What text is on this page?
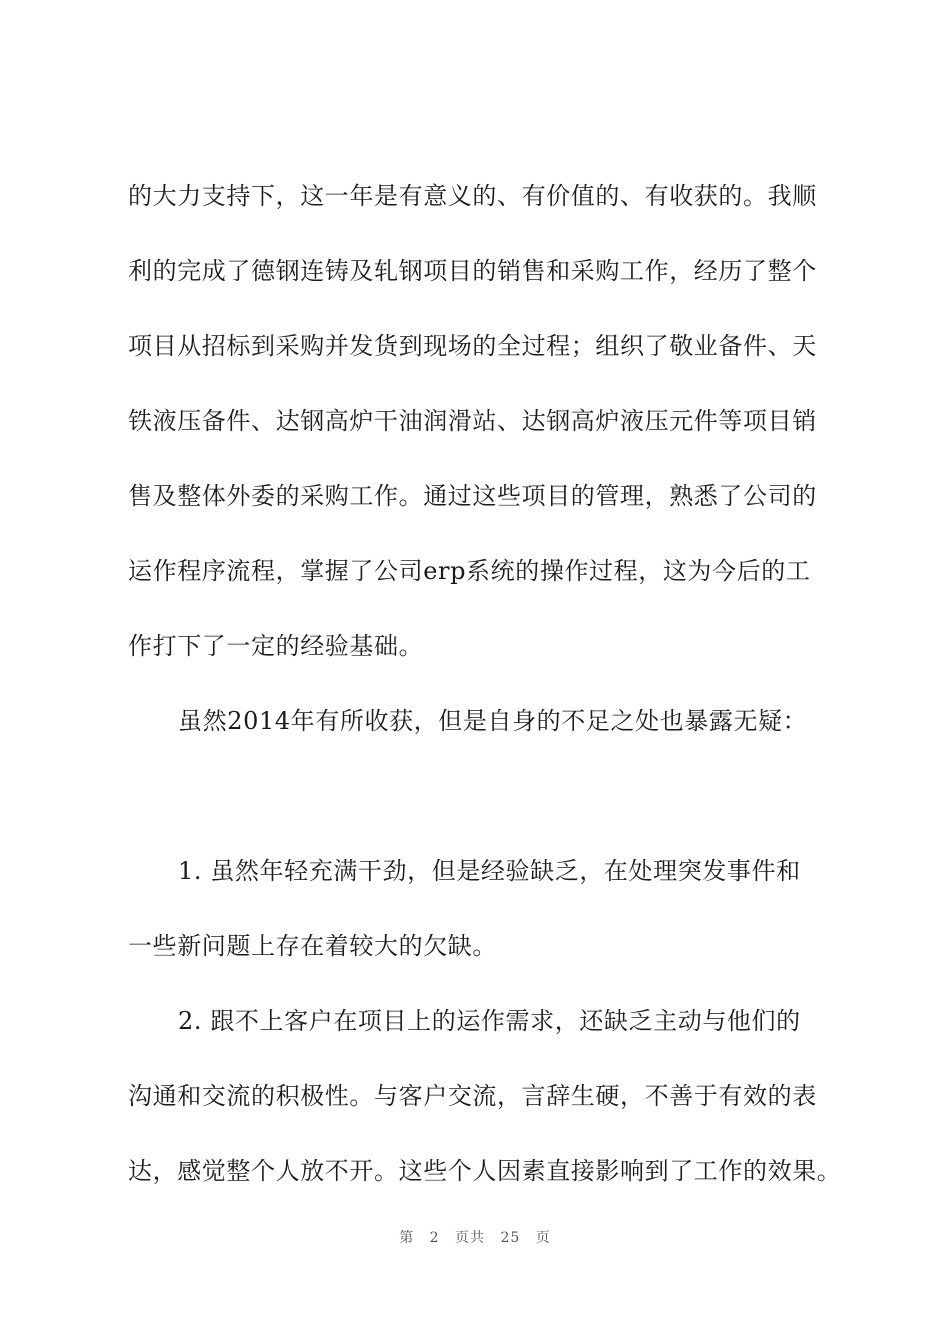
的大力支持下，这一年是有意义的、有价值的、有收获的。我顺
利的完成了德钢连铸及轧钢项目的销售和采购工作，经历了整个
项目从招标到采购并发货到现场的全过程；组织了敬业备件、天
铁液压备件、达钢高炉干油润滑站、达钢高炉液压元件等项目销
售及整体外委的采购工作。通过这些项目的管理，熟悉了公司的
运作程序流程，掌握了公司erp系统的操作过程，这为今后的工
作打下了一定的经验基础。
虽然2014年有所收获，但是自身的不足之处也暴露无疑：
1. 虽然年轻充满干劲，但是经验缺乏，在处理突发事件和
一些新问题上存在着较大的欠缺。
2. 跟不上客户在项目上的运作需求，还缺乏主动与他们的
沟通和交流的积极性。与客户交流，言辞生硬，不善于有效的表
达，感觉整个人放不开。这些个人因素直接影响到了工作的效果。
第 2 页共 25 页
